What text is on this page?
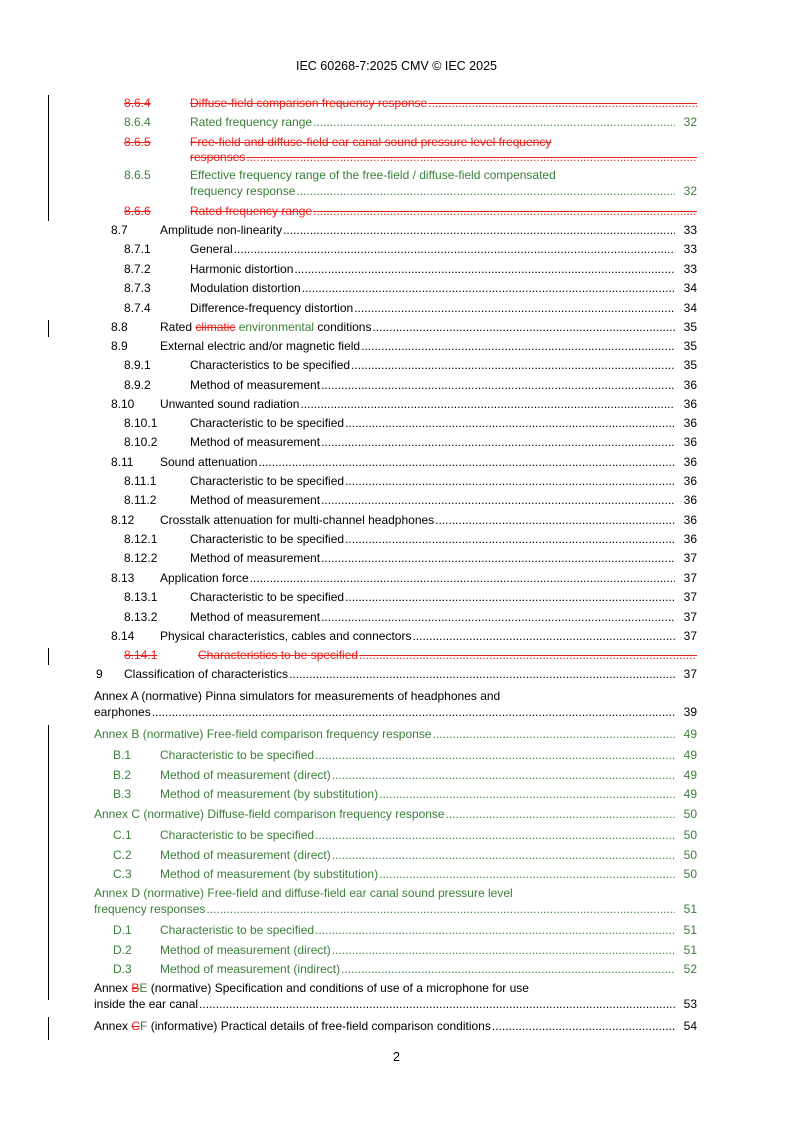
IEC 60268-7:2025 CMV © IEC 2025
8.6.4	Diffuse-field comparison frequency response
.....
8.6.4	Rated frequency range .....	32
8.6.5	Free-field and diffuse-field ear canal sound pressure level frequency
responses
.....
8.6.5	Effective frequency range of the free-field / diffuse-field compensated
frequency response .....	32
8.6.6	Rated frequency range
.....
8.7	Amplitude non-linearity .....	33
8.7.1	General .....	33
8.7.2	Harmonic distortion .....	33
8.7.3	Modulation distortion .....	34
8.7.4	Difference-frequency distortion .....	34
8.8	Rated climatic environmental conditions .....	35
8.9	External electric and/or magnetic field .....	35
8.9.1	Characteristics to be specified .....	35
8.9.2	Method of measurement .....	36
8.10 Unwanted sound radiation .....	36
8.10.1	Characteristic to be specified .....	36
8.10.2	Method of measurement .....	36
8.11 Sound attenuation .....	36
8.11.1	Characteristic to be specified .....	36
8.11.2	Method of measurement .....	36
8.12 Crosstalk attenuation for multi-channel headphones .....	36
8.12.1	Characteristic to be specified .....	36
8.12.2	Method of measurement .....	37
8.13 Application force .....	37
8.13.1	Characteristic to be specified .....	37
8.13.2	Method of measurement .....	37
8.14 Physical characteristics, cables and connectors .....	37
8.14.1	Characteristics to be specified
.....
9 Classification of characteristics .....	37
Annex A (normative) Pinna simulators for measurements of headphones and
earphones .....	39
Annex B (normative) Free-field comparison frequency response .....	49
B.1 Characteristic to be specified .....	49
B.2 Method of measurement (direct) .....	49
B.3 Method of measurement (by substitution) .....	49
Annex C (normative) Diffuse-field comparison frequency response .....	50
C.1 Characteristic to be specified .....	50
C.2 Method of measurement (direct) .....	50
C.3 Method of measurement (by substitution) .....	50
Annex D (normative) Free-field and diffuse-field ear canal sound pressure level
frequency responses .....	51
D.1 Characteristic to be specified .....	51
D.2 Method of measurement (direct) .....	51
D.3 Method of measurement (indirect) .....	52
Annex BE (normative) Specification and conditions of use of a microphone for use
inside the ear canal .....	53
Annex CF (informative) Practical details of free-field comparison conditions .....	54
2
